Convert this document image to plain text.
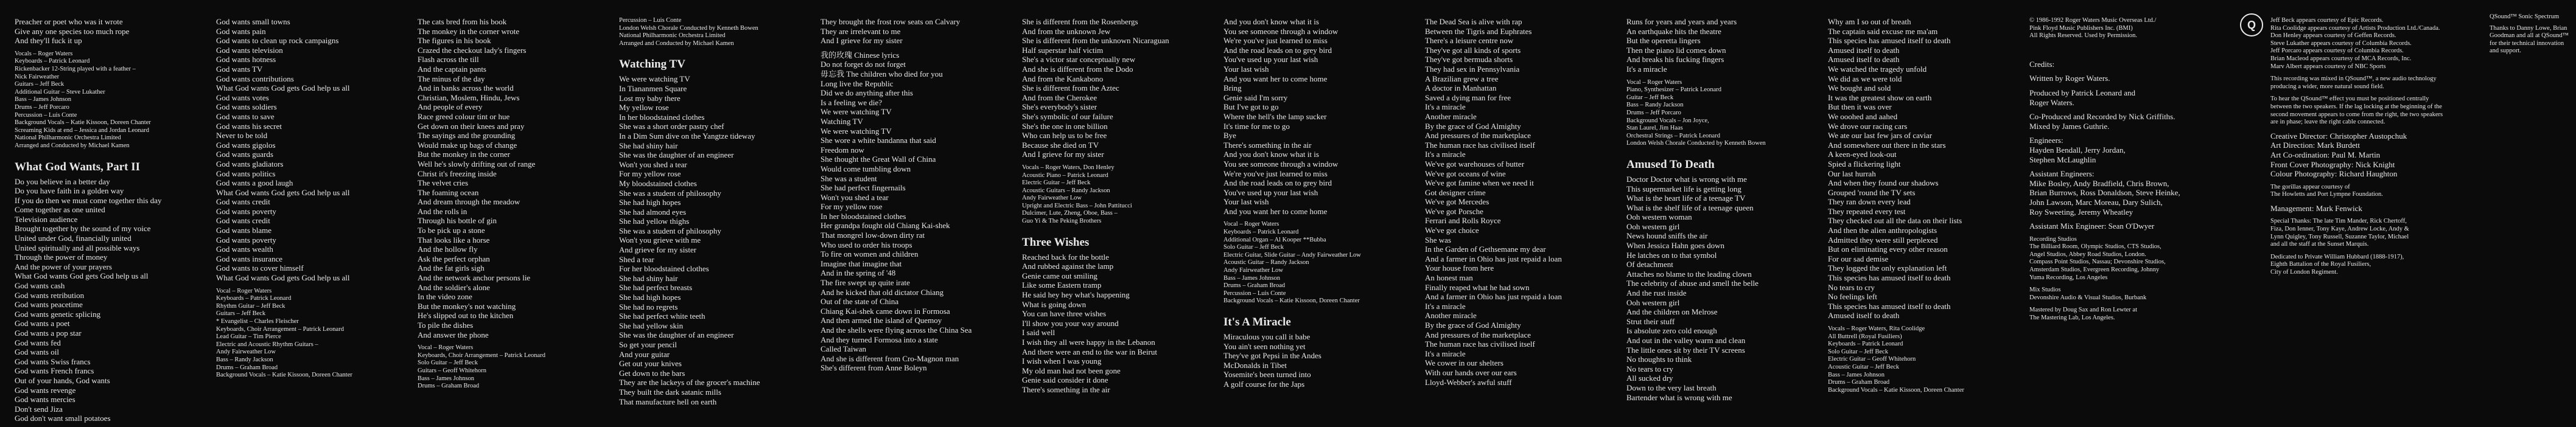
Preacher or poet who was it wrote

Give any one species too much rope

And they'll fuck it up

Vocals – Roger Waters

Keyboards – Patrick Leonard

Rickenbacker 12-String played with a feather –

Nick Fairweather

Guitars – Jeff Beck

Additional Guitar – Steve Lukather

Bass – James Johnson

Drums – Jeff Porcaro

Percussion – Luis Conte

Background Vocals – Katie Kissoon, Doreen Chanter

Screaming Kids at end – Jessica and Jordan Leonard

National Philharmonic Orchestra Limited

Arranged and Conducted by Michael Kamen

What God Wants, Part II

Do you believe in a better day

Do you have faith in a golden way

If you do then we must come together this day

Come together as one united

Television audience

Brought together by the sound of my voice

United under God, financially united

United spiritually and all possible ways

Through the power of money

And the power of your prayers

What God wants God gets God help us all

God wants cash

God wants retribution

God wants peacetime

God wants genetic splicing

God wants a poet

God wants a pop star

God wants fed

God wants oil

God wants Swiss francs

God wants French francs

Out of your hands, God wants

God wants revenge

God wants mercies

Don't send Jiza

God don't want small potatoes

God wants small towns

God wants pain

God wants to clean up rock campaigns

God wants television

God wants hotness

God wants TV

God wants contributions

What God wants God gets God help us all

God wants votes

God wants soldiers

God wants to save

God wants his secret

Never to be told

God wants gigolos

God wants guards

God wants gladiators

God wants politics

God wants a good laugh

What God wants God gets God help us all

God wants credit

God wants poverty

God wants credit

God wants blame

God wants poverty

God wants wealth

God wants insurance

God wants to cover himself

What God wants God gets God help us all

Vocal – Roger Waters

Keyboards – Patrick Leonard

Rhythm Guitar – Jeff Beck

Guitars – Jeff Beck

* Evangelist – Charles Fleischer

Keyboards, Choir Arrangement – Patrick Leonard

Lead Guitar – Tim Pierce

Electric and Acoustic Rhythm Guitars –

Andy Fairweather Low

Bass – Randy Jackson

Drums – Graham Broad

Background Vocals – Katie Kissoon, Doreen Chanter

The cats bred from his book

The monkey in the corner wrote

The figures in his book

Crazed the checkout lady's fingers

Flash across the till

And the captain pants

The minus of the day

And in banks across the world

Christian, Moslem, Hindu, Jews

And people of every

Race greed colour tint or hue

Get down on their knees and pray

The sayings and the grounding

Would make up bags of change

But the monkey in the corner

Well he's slowly drifting out of range

Christ it's freezing inside

The velvet cries

The foaming ocean

And dream through the meadow

And the rolls in

Through his bottle of gin

To be pick up a stone

That looks like a horse

And the hollow fly

Ask the perfect orphan

And the fat girls sigh

And the network anchor persons lie

And the soldier's alone

In the video zone

But the monkey's not watching

He's slipped out to the kitchen

To pile the dishes

And answer the phone

Vocal – Roger Waters

Keyboards, Choir Arrangement – Patrick Leonard

Solo Guitar – Jeff Beck

Guitars – Geoff Whitehorn

Bass – James Johnson

Drums – Graham Broad

Percussion – Luis Conte

London Welsh Chorale Conducted by Kenneth Bowen

National Philharmonic Orchestra Limited

Arranged and Conducted by Michael Kamen

Watching TV

We were watching TV

In Tiananmen Square

Lost my baby there

My yellow rose

In her bloodstained clothes

She was a short order pastry chef

In a Dim Sum dive on the Yangtze tideway

She had shiny hair

She was the daughter of an engineer

Won't you shed a tear

For my yellow rose

My bloodstained clothes

She was a student of philosophy

She had high hopes

She had almond eyes

She had yellow thighs

She was a student of philosophy

Won't you grieve with me

And grieve for my sister

Shed a tear

For her bloodstained clothes

She had shiny hair

She had perfect breasts

She had high hopes

She had no regrets

She had perfect white teeth

She had yellow skin

She was the daughter of an engineer

So get your pencil

And your guitar

Get out your knives

Get down to the bars

They are the lackeys of the grocer's machine

They built the dark satanic mills

That manufacture hell on earth

They brought the frost row seats on Calvary

They are irrelevant to me

And I grieve for my sister

我的玫瑰 Chinese lyrics

Do not forget do not forget

毋忘我 The children who died for you

Long live the Republic

Did we do anything after this

Is a feeling we die?

We were watching TV

Watching TV

We were watching TV

She wore a white bandanna that said

Freedom now

She thought the Great Wall of China

Would come tumbling down

She was a student

She had perfect fingernails

Won't you shed a tear

For my yellow rose

In her bloodstained clothes

Her grandpa fought old Chiang Kai-shek

That mongrel low-down dirty rat

Who used to order his troops

To fire on women and children

Imagine that imagine that

And in the spring of '48

The fire swept up quite irate

And he kicked that old dictator Chiang

Out of the state of China

Chiang Kai-shek came down in Formosa

And then armed the island of Quemoy

And the shells were flying across the China Sea

And they turned Formosa into a state

Called Taiwan

And she is different from Cro-Magnon man

She's different from Anne Boleyn

She is different from the Rosenbergs

And from the unknown Jew

She is different from the unknown Nicaraguan

Half superstar half victim

She's a victor star conceptually new

And she is different from the Dodo

And from the Kankabono

She is different from the Aztec

And from the Cherokee

She's everybody's sister

She's symbolic of our failure

She's the one in one billion

Who can help us to be free

Because she died on TV

And I grieve for my sister

Vocals – Roger Waters, Don Henley

Acoustic Piano – Patrick Leonard

Electric Guitar – Jeff Beck

Acoustic Guitars – Randy Jackson

Andy Fairweather Low

Upright and Electric Bass – John Pattitucci

Dulcimer, Lute, Zheng, Oboe, Bass –

Guo Yi & The Peking Brothers

Three Wishes

Reached back for the bottle

And rubbed against the lamp

Genie came out smiling

Like some Eastern tramp

He said hey hey what's happening

What is going down

You can have three wishes

I'll show you your way around

I said well

I wish they all were happy in the Lebanon

And there were an end to the war in Beirut

I wish when I was young

My old man had not been gone

Genie said consider it done

There's something in the air

And you don't know what it is

You see someone through a window

We're you've just learned to miss

And the road leads on to grey bird

You've used up your last wish

Your last wish

And you want her to come home

Bring

Genie said I'm sorry

But I've got to go

Where the hell's the lamp sucker

It's time for me to go

Bye

There's something in the air

And you don't know what it is

You see someone through a window

We're you've just learned to miss

And the road leads on to grey bird

You've used up your last wish

Your last wish

And you want her to come home

Vocal – Roger Waters

Keyboards – Patrick Leonard

Additional Organ – Al Kooper **Bubba

Solo Guitar – Jeff Beck

Electric Guitar, Slide Guitar – Andy Fairweather Low

Acoustic Guitar – Randy Jackson

Andy Fairweather Low

Bass – James Johnson

Drums – Graham Broad

Percussion – Luis Conte

Background Vocals – Katie Kissoon, Doreen Chanter

It's A Miracle

Miraculous you call it babe

You ain't seen nothing yet

They've got Pepsi in the Andes

McDonalds in Tibet

Yosemite's been turned into

A golf course for the Japs

The Dead Sea is alive with rap

Between the Tigris and Euphrates

There's a leisure centre now

They've got all kinds of sports

They've got bermuda shorts

They had sex in Pennsylvania

A Brazilian grew a tree

A doctor in Manhattan

Saved a dying man for free

It's a miracle

Another miracle

By the grace of God Almighty

And pressures of the marketplace

The human race has civilised itself

It's a miracle

We've got warehouses of butter

We've got oceans of wine

We've got famine when we need it

Got designer crime

We've got Mercedes

We've got Porsche

Ferrari and Rolls Royce

We've got choice

She was

In the Garden of Gethsemane my dear

And a farmer in Ohio has just repaid a loan

Your house from here

An honest man

Finally reaped what he had sown

And a farmer in Ohio has just repaid a loan

It's a miracle

Another miracle

By the grace of God Almighty

And pressures of the marketplace

The human race has civilised itself

It's a miracle

We cower in our shelters

With our hands over our ears

Lloyd-Webber's awful stuff

Runs for years and years and years

An earthquake hits the theatre

But the operetta lingers

Then the piano lid comes down

And breaks his fucking fingers

It's a miracle

Vocal – Roger Waters

Piano, Synthesizer – Patrick Leonard

Guitar – Jeff Beck

Bass – Randy Jackson

Drums – Jeff Porcaro

Background Vocals – Jon Joyce,

Stan Laurel, Jim Haas

Orchestral Strings – Patrick Leonard

London Welsh Chorale Conducted by Kenneth Bowen

Amused To Death

Doctor Doctor what is wrong with me

This supermarket life is getting long

What is the heart life of a teenage TV

What is the shelf life of a teenage queen

Ooh western woman

Ooh western girl

News hound sniffs the air

When Jessica Hahn goes down

He latches on to that symbol

Of detachment

Attaches no blame to the leading clown

The celebrity of abuse and smell the belle

And the rust inside

Ooh western girl

And the children on Melrose

Strut their stuff

Is absolute zero cold enough

And out in the valley warm and clean

The little ones sit by their TV screens

No thoughts to think

No tears to cry

All sucked dry

Down to the very last breath

Bartender what is wrong with me

Why am I so out of breath

The captain said excuse me ma'am

This species has amused itself to death

Amused itself to death

Amused itself to death

We watched the tragedy unfold

We did as we were told

We bought and sold

It was the greatest show on earth

But then it was over

We ooohed and aahed

We drove our racing cars

We ate our last few jars of caviar

And somewhere out there in the stars

A keen-eyed look-out

Spied a flickering light

Our last hurrah

And when they found our shadows

Grouped 'round the TV sets

They ran down every lead

They repeated every test

They checked out all the data on their lists

And then the alien anthropologists

Admitted they were still perplexed

But on eliminating every other reason

For our sad demise

They logged the only explanation left

This species has amused itself to death

No tears to cry

No feelings left

This species has amused itself to death

Amused itself to death

Vocals – Roger Waters, Rita Coolidge

All Buttrell (Royal Fusiliers)

Keyboards – Patrick Leonard

Solo Guitar – Jeff Beck

Electric Guitar – Geoff Whitehorn

Acoustic Guitar – Jeff Beck

Bass – James Johnson

Drums – Graham Broad

Background Vocals – Katie Kissoon, Doreen Chanter

© 1986-1992 Roger Waters Music Overseas Ltd./

Pink Floyd Music Publishers Inc. (BMI)

All Rights Reserved. Used by Permission.

Credits:

Written by Roger Waters.

Produced by Patrick Leonard and

Roger Waters.

Co-Produced and Recorded by Nick Griffiths.

Mixed by James Guthrie.

Engineers:

Hayden Bendall, Jerry Jordan,

Stephen McLaughlin

Assistant Engineers:

Mike Bosley, Andy Bradfield, Chris Brown,

Brian Burrows, Ross Donaldson, Steve Heinke,

John Lawson, Marc Moreau, Dary Sulich,

Roy Sweeting, Jeremy Wheatley

Assistant Mix Engineer: Sean O'Dwyer

Recording Studios

The Billiard Room, Olympic Studios, CTS Studios,

Angel Studios, Abbey Road Studios, London.

Compass Point Studios, Nassau; Devonshire Studios,

Amsterdam Studios, Evergreen Recording, Johnny

Yuma Recording, Los Angeles

Mix Studios

Devonshire Audio & Visual Studios, Burbank

Mastered by Doug Sax and Ron Lewter at

The Mastering Lab, Los Angeles.

Jeff Beck appears courtesy of Epic Records.

Rita Coolidge appears courtesy of Artists Production Ltd./Canada.

Don Henley appears courtesy of Geffen Records.

Steve Lukather appears courtesy of Columbia Records.

Jeff Porcaro appears courtesy of Columbia Records.

Brian Macleod appears courtesy of MCA Records, Inc.

Marv Albert appears courtesy of NBC Sports

This recording was mixed in QSound™, a new audio technology

producing a wider, more natural sound field.

To hear the QSound™ effect you must be positioned centrally

between the two speakers. If the lag locking at the beginning of the

second movement appears to come from the right, the two speakers

are in phase; leave the right cable connected.

Creative Director: Christopher Austopchuk

Art Direction: Mark Burdett

Art Co-ordination: Paul M. Martin

Front Cover Photography: Nick Knight

Colour Photography: Richard Haughton

The gorillas appear courtesy of

The Howletts and Port Lympne Foundation.

Management: Mark Fenwick

Special Thanks: The late Tim Mander, Rick Chertoff,

Fiza, Don Ienner, Tony Kaye, Andrew Locke, Andy &

Lynn Quigley, Tony Russell, Suzanne Taylor, Michael

and all the staff at the Sunset Marquis.

Dedicated to Private William Hubbard (1888-1917),

Eighth Battalion of the Royal Fusiliers,

City of London Regiment.

Q

QSound™ Sonic Spectrum

Thanks to Danny Lowe, Brian Goodman and all at QSound™ for their technical innovation and support.
